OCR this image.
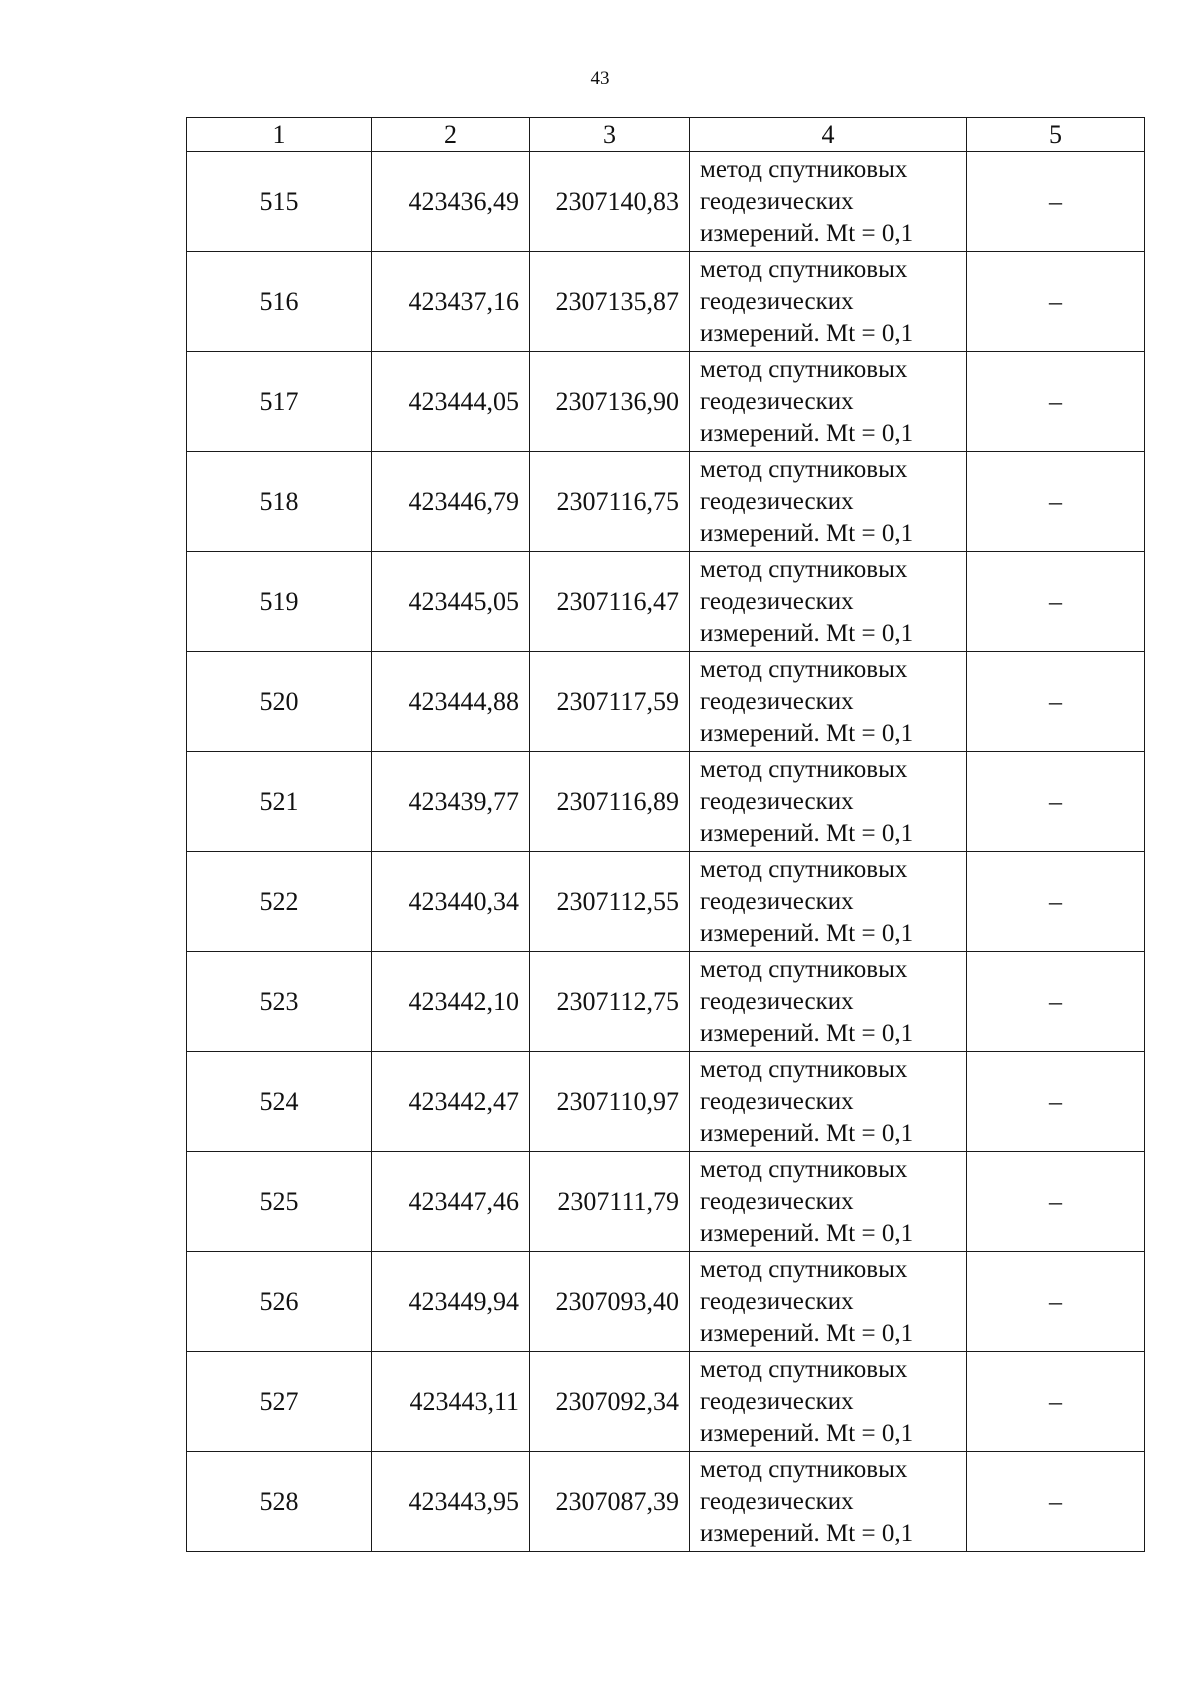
43
1	2	3	4	5
515	423436,49	2307140,83	метод спутниковых
геодезических
измерений. Mt = 0,1	–
516	423437,16	2307135,87	метод спутниковых
геодезических
измерений. Mt = 0,1	–
517	423444,05	2307136,90	метод спутниковых
геодезических
измерений. Mt = 0,1	–
518	423446,79	2307116,75	метод спутниковых
геодезических
измерений. Mt = 0,1	–
519	423445,05	2307116,47	метод спутниковых
геодезических
измерений. Mt = 0,1	–
520	423444,88	2307117,59	метод спутниковых
геодезических
измерений. Mt = 0,1	–
521	423439,77	2307116,89	метод спутниковых
геодезических
измерений. Mt = 0,1	–
522	423440,34	2307112,55	метод спутниковых
геодезических
измерений. Mt = 0,1	–
523	423442,10	2307112,75	метод спутниковых
геодезических
измерений. Mt = 0,1	–
524	423442,47	2307110,97	метод спутниковых
геодезических
измерений. Mt = 0,1	–
525	423447,46	2307111,79	метод спутниковых
геодезических
измерений. Mt = 0,1	–
526	423449,94	2307093,40	метод спутниковых
геодезических
измерений. Mt = 0,1	–
527	423443,11	2307092,34	метод спутниковых
геодезических
измерений. Mt = 0,1	–
528	423443,95	2307087,39	метод спутниковых
геодезических
измерений. Mt = 0,1	–
